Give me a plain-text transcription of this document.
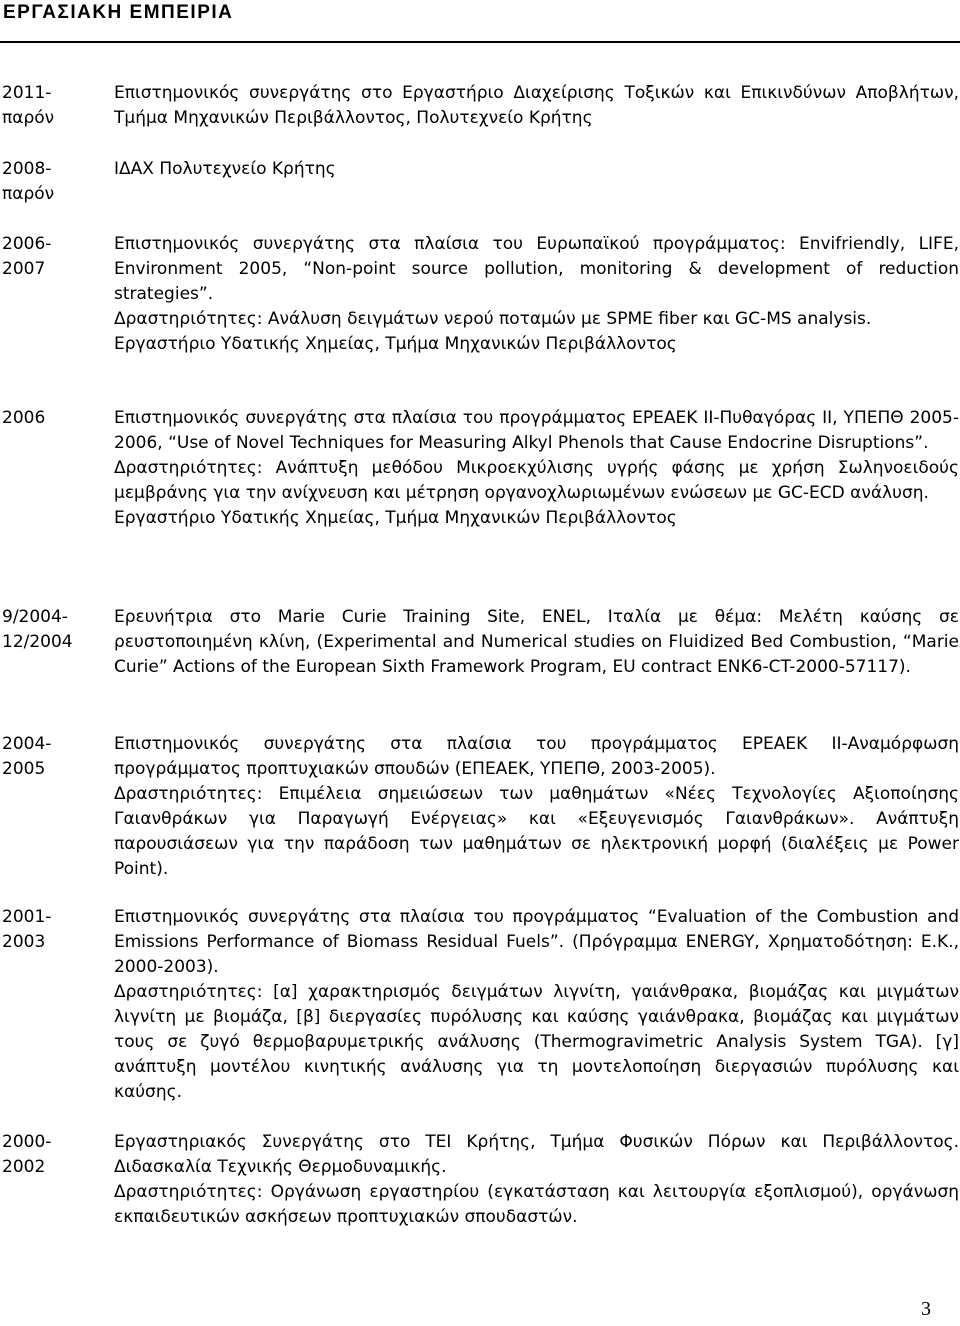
ΕΡΓΑΣΙΑΚΗ ΕΜΠΕΙΡΙΑ
2011-
παρόν

Επιστημονικός συνεργάτης στο Εργαστήριο Διαχείρισης Τοξικών και Επικινδύνων Αποβλήτων, Τμήμα Μηχανικών Περιβάλλοντος, Πολυτεχνείο Κρήτης

2008-
παρόν

ΙΔΑΧ Πολυτεχνείο Κρήτης

2006-
2007

Επιστημονικός συνεργάτης στα πλαίσια του Ευρωπαϊκού προγράμματος: Envifriendly, LIFE, Environment 2005, “Non-point source pollution, monitoring & development of reduction strategies”.

Δραστηριότητες: Ανάλυση δειγμάτων νερού ποταμών με SPME fiber και GC-MS analysis.

Εργαστήριο Υδατικής Χημείας, Τμήμα Μηχανικών Περιβάλλοντος

2006	Επιστημονικός συνεργάτης στα πλαίσια του προγράμματος ΕΡΕΑΕΚ ΙΙ-Πυθαγόρας ΙΙ, ΥΠΕΠΘ 2005-2006, “Use of Novel Techniques for Measuring Alkyl Phenols that Cause Endocrine Disruptions”.

Δραστηριότητες: Ανάπτυξη μεθόδου Μικροεκχύλισης υγρής φάσης με χρήση Σωληνοειδούς μεμβράνης για την ανίχνευση και μέτρηση οργανοχλωριωμένων ενώσεων με GC-ECD ανάλυση.

Εργαστήριο Υδατικής Χημείας, Τμήμα Μηχανικών Περιβάλλοντος

9/2004-
12/2004

Ερευνήτρια στο Marie Curie Training Site, ENEL, Ιταλία με θέμα: Μελέτη καύσης σε ρευστοποιημένη κλίνη, (Experimental and Numerical studies on Fluidized Bed Combustion, “Marie Curie” Actions of the European Sixth Framework Program, EU contract ENK6-CT-2000-57117).

2004-
2005

Επιστημονικός συνεργάτης στα πλαίσια του προγράμματος ΕΡΕΑΕΚ ΙΙ-Αναμόρφωση προγράμματος προπτυχιακών σπουδών (ΕΠΕΑΕΚ, ΥΠΕΠΘ, 2003-2005).

Δραστηριότητες: Επιμέλεια σημειώσεων των μαθημάτων «Νέες Τεχνολογίες Αξιοποίησης Γαιανθράκων για Παραγωγή Ενέργειας» και «Εξευγενισμός Γαιανθράκων». Ανάπτυξη παρουσιάσεων για την παράδοση των μαθημάτων σε ηλεκτρονική μορφή (διαλέξεις με Power Point).

2001-
2003

Επιστημονικός συνεργάτης στα πλαίσια του προγράμματος “Evaluation of the Combustion and Emissions Performance of Biomass Residual Fuels”. (Πρόγραμμα ENERGY, Χρηματοδότηση: Ε.Κ., 2000-2003).

Δραστηριότητες: [α] χαρακτηρισμός δειγμάτων λιγνίτη, γαιάνθρακα, βιομάζας και μιγμάτων λιγνίτη με βιομάζα, [β] διεργασίες πυρόλυσης και καύσης γαιάνθρακα, βιομάζας και μιγμάτων τους σε ζυγό θερμοβαρυμετρικής ανάλυσης (Thermogravimetric Analysis System TGA). [γ] ανάπτυξη μοντέλου κινητικής ανάλυσης για τη μοντελοποίηση διεργασιών πυρόλυσης και καύσης.

2000-
2002

Εργαστηριακός Συνεργάτης στο ΤΕΙ Κρήτης, Τμήμα Φυσικών Πόρων και Περιβάλλοντος. Διδασκαλία Τεχνικής Θερμοδυναμικής.

Δραστηριότητες: Οργάνωση εργαστηρίου (εγκατάσταση και λειτουργία εξοπλισμού), οργάνωση εκπαιδευτικών ασκήσεων προπτυχιακών σπουδαστών.

3
